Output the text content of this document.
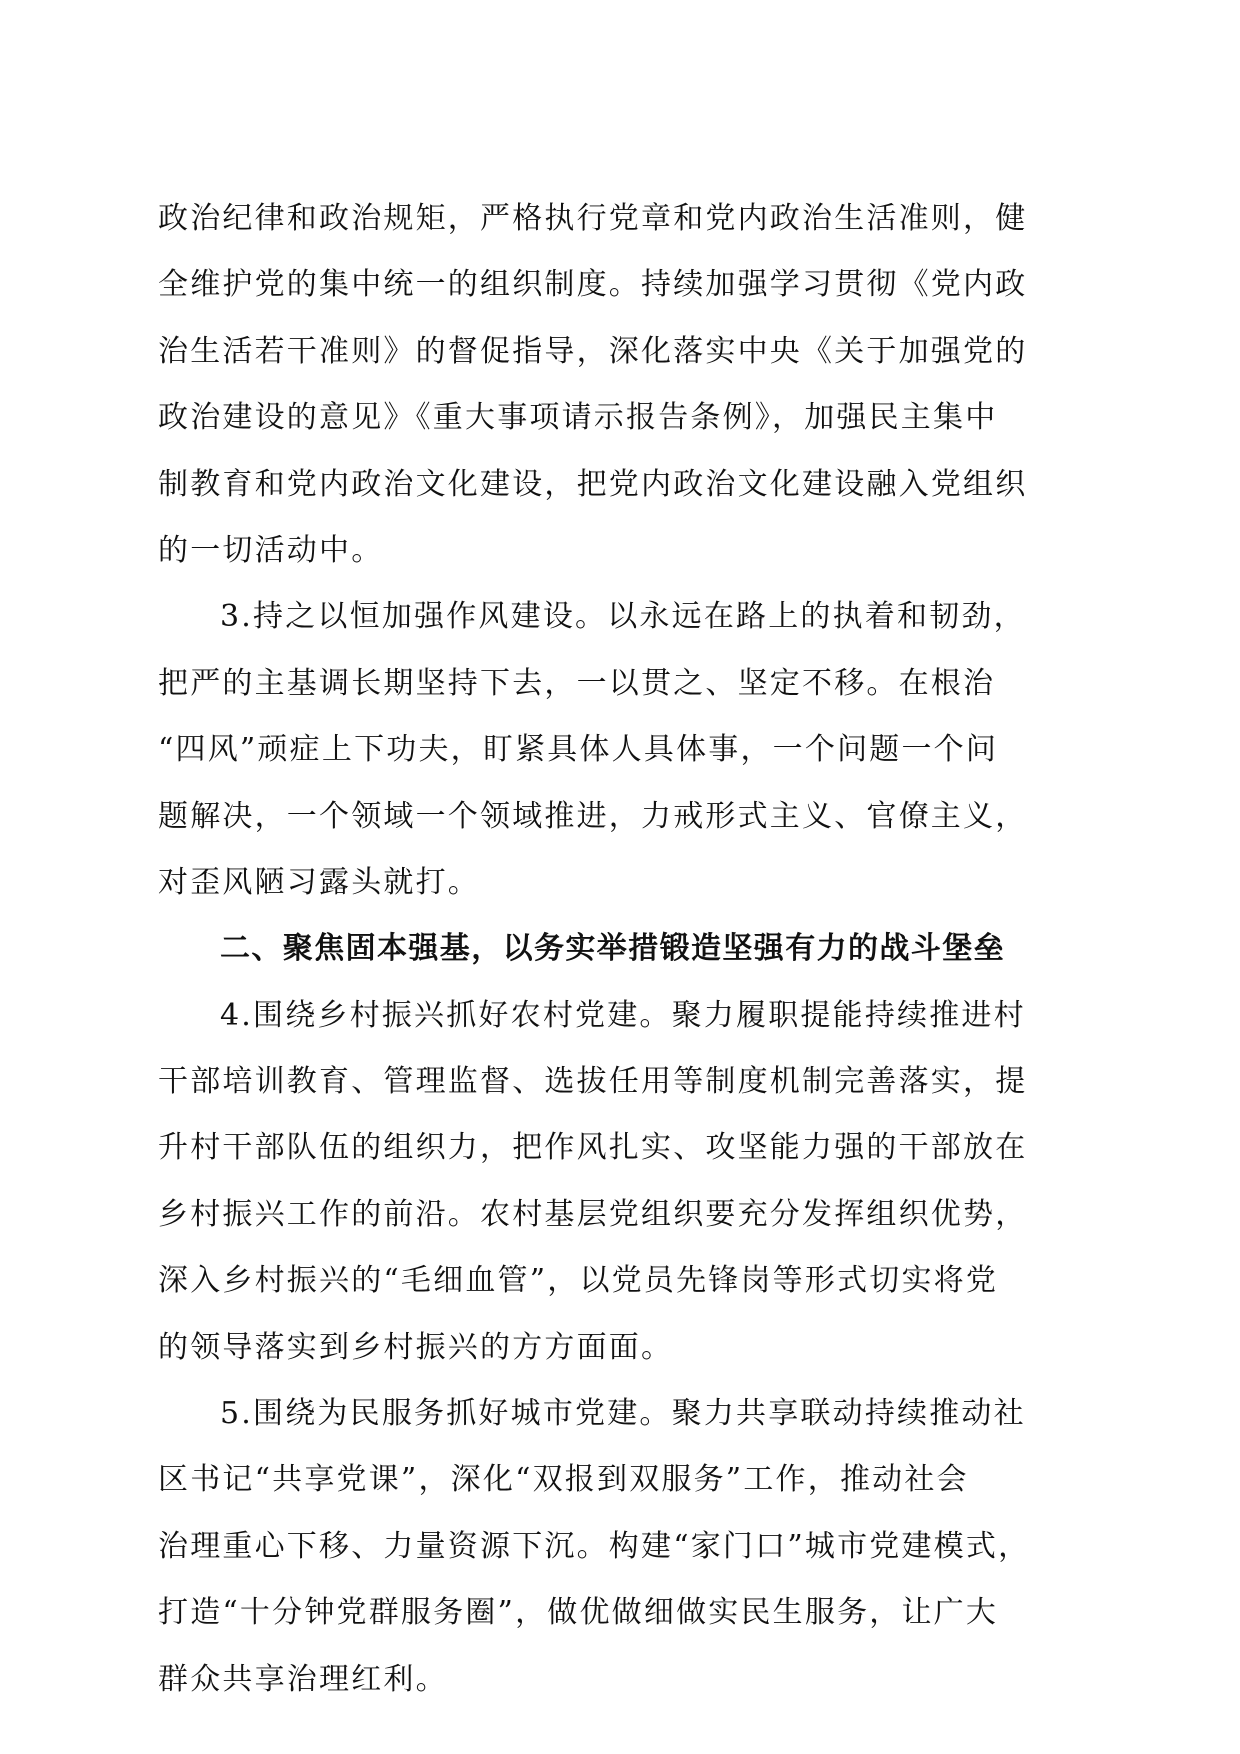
政治纪律和政治规矩，严格执行党章和党内政治生活准则，健
全维护党的集中统一的组织制度。持续加强学习贯彻《党内政
治生活若干准则》的督促指导，深化落实中央《关于加强党的
政治建设的意见》《重大事项请示报告条例》，加强民主集中
制教育和党内政治文化建设，把党内政治文化建设融入党组织
的一切活动中。
3.持之以恒加强作风建设。以永远在路上的执着和韧劲，
把严的主基调长期坚持下去，一以贯之、坚定不移。在根治
“四风”顽症上下功夫，盯紧具体人具体事，一个问题一个问
题解决，一个领域一个领域推进，力戒形式主义、官僚主义，
对歪风陋习露头就打。
二、聚焦固本强基，以务实举措锻造坚强有力的战斗堡垒
4.围绕乡村振兴抓好农村党建。聚力履职提能持续推进村
干部培训教育、管理监督、选拔任用等制度机制完善落实，提
升村干部队伍的组织力，把作风扎实、攻坚能力强的干部放在
乡村振兴工作的前沿。农村基层党组织要充分发挥组织优势，
深入乡村振兴的“毛细血管”，以党员先锋岗等形式切实将党
的领导落实到乡村振兴的方方面面。
5.围绕为民服务抓好城市党建。聚力共享联动持续推动社
区书记“共享党课”，深化“双报到双服务”工作，推动社会
治理重心下移、力量资源下沉。构建“家门口”城市党建模式，
打造“十分钟党群服务圈”，做优做细做实民生服务，让广大
群众共享治理红利。
